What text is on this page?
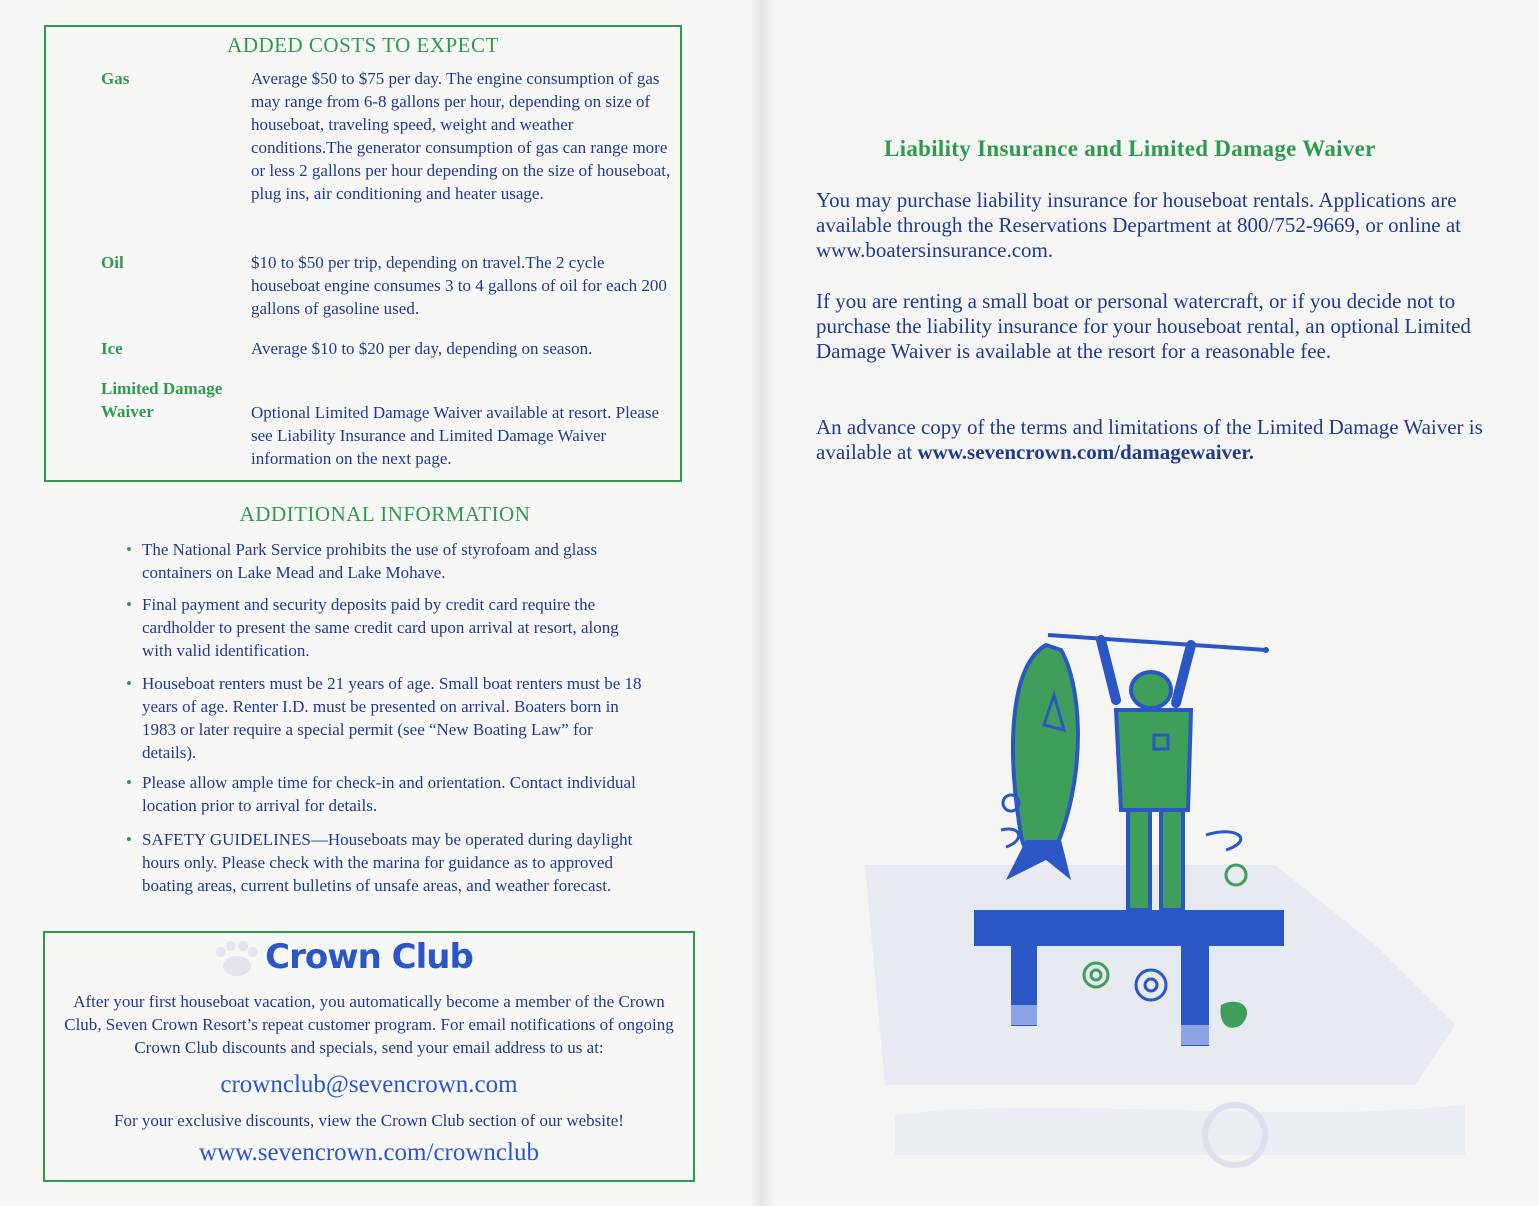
ADDED COSTS TO EXPECT
Gas	Average $50 to $75 per day. The engine consumption of gas may range from 6-8 gallons per hour, depending on size of houseboat, traveling speed, weight and weather conditions.The generator consumption of gas can range more or less 2 gallons per hour depending on the size of houseboat, plug ins, air conditioning and heater usage.
Oil	$10 to $50 per trip, depending on travel.The 2 cycle houseboat engine consumes 3 to 4 gallons of oil for each 200 gallons of gasoline used.
Ice	Average $10 to $20 per day, depending on season.
Limited Damage Waiver	Optional Limited Damage Waiver available at resort. Please see Liability Insurance and Limited Damage Waiver information on the next page.
ADDITIONAL INFORMATION
• The National Park Service prohibits the use of styrofoam and glass containers on Lake Mead and Lake Mohave.
• Final payment and security deposits paid by credit card require the cardholder to present the same credit card upon arrival at resort, along with valid identification.
• Houseboat renters must be 21 years of age. Small boat renters must be 18 years of age. Renter I.D. must be presented on arrival. Boaters born in 1983 or later require a special permit (see “New Boating Law” for details).
• Please allow ample time for check-in and orientation. Contact individual location prior to arrival for details.
• SAFETY GUIDELINES—Houseboats may be operated during daylight hours only. Please check with the marina for guidance as to approved boating areas, current bulletins of unsafe areas, and weather forecast.
Crown Club
After your first houseboat vacation, you automatically become a member of the Crown Club, Seven Crown Resort’s repeat customer program. For email notifications of ongoing Crown Club discounts and specials, send your email address to us at:
crownclub@sevencrown.com
For your exclusive discounts, view the Crown Club section of our website!
www.sevencrown.com/crownclub
Liability Insurance and Limited Damage Waiver
You may purchase liability insurance for houseboat rentals. Applications are available through the Reservations Department at 800/752-9669, or online at www.boatersinsurance.com.
If you are renting a small boat or personal watercraft, or if you decide not to purchase the liability insurance for your houseboat rental, an optional Limited Damage Waiver is available at the resort for a reasonable fee.
An advance copy of the terms and limitations of the Limited Damage Waiver is available at www.sevencrown.com/damagewaiver.
